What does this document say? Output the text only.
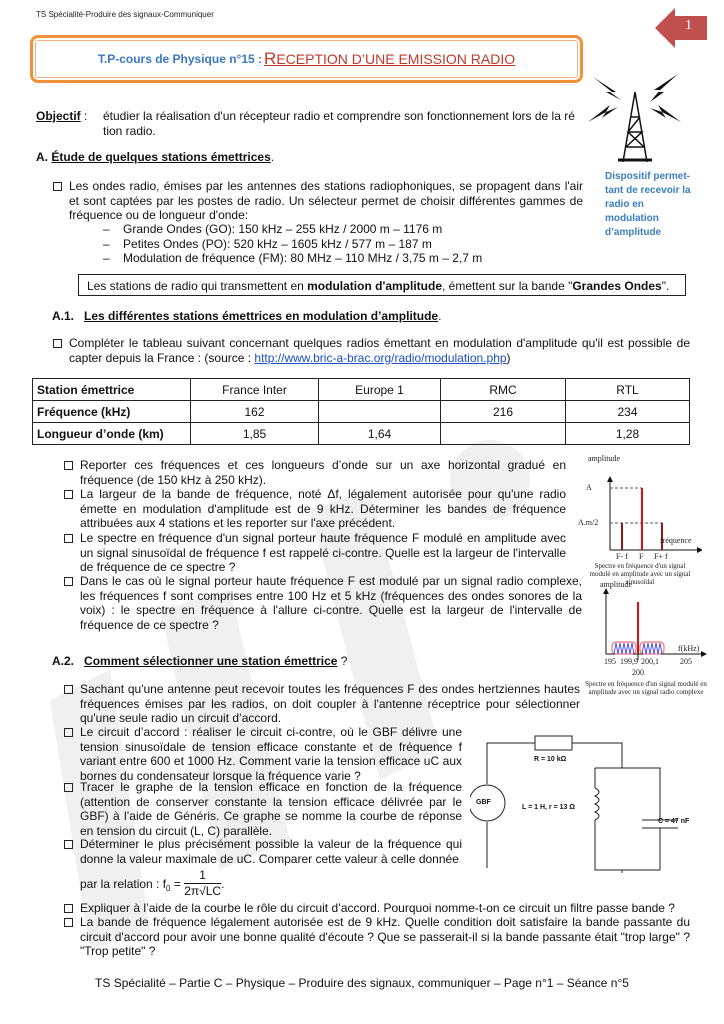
TS Spécialité-Produire des signaux-Communiquer
1
T.P-cours de Physique n°15 : RECEPTION D’UNE EMISSION RADIO
Objectif : étudier la réalisation d'un récepteur radio et comprendre son fonctionnement lors de la ré
tion radio.
A. Étude de quelques stations émettrices.
Les ondes radio, émises par les antennes des stations radiophoniques, se propagent dans l'air et sont captées par les postes de radio. Un sélecteur permet de choisir différentes gammes de fréquence ou de longueur d'onde:
–    Grande Ondes (GO): 150 kHz – 255 kHz / 2000 m – 1176 m
–    Petites Ondes (PO): 520 kHz – 1605 kHz / 577 m – 187 m
–    Modulation de fréquence (FM): 80 MHz – 110 MHz / 3,75 m – 2,7 m
Dispositif permet-tant de recevoir la radio en modulation d’amplitude
Les stations de radio qui transmettent en modulation d'amplitude, émettent sur la bande "Grandes Ondes".
A.1. Les différentes stations émettrices en modulation d’amplitude.
Compléter le tableau suivant concernant quelques radios émettant en modulation d'amplitude qu'il est possible de capter depuis la France : (source : http://www.bric-a-brac.org/radio/modulation.php)
Station émettrice	France Inter	Europe 1	RMC	RTL
Fréquence (kHz)	162		216	234
Longueur d’onde (km)	1,85	1,64		1,28
Reporter ces fréquences et ces longueurs d’onde sur un axe horizontal gradué en fréquence (de 150 kHz à 250 kHz).
La largeur de la bande de fréquence, noté Δf, légalement autorisée pour qu'une radio émette en modulation d'amplitude est de 9 kHz. Déterminer les bandes de fréquence attribuées aux 4 stations et les reporter sur l'axe précédent.
Le spectre en fréquence d'un signal porteur haute fréquence F modulé en amplitude avec un signal sinusoïdal de fréquence f est rappelé ci-contre. Quelle est la largeur de l'intervalle de fréquence de ce spectre ?
Dans le cas où le signal porteur haute fréquence F est modulé par un signal radio complexe, les fréquences f sont comprises entre 100 Hz et 5 kHz (fréquences des ondes sonores de la voix) : le spectre en fréquence à l'allure ci-contre. Quelle est la largeur de l'intervalle de fréquence de ce spectre ?
amplitude
A
A.m/2
fréquence
F- f F F+ f
Spectre en fréquence d'un signal modulé en amplitude avec un signal sinusoïdal
amplitude
f(kHz)
195 199,9 200,1	205
200
Spectre en fréquence d'un signal modulé en amplitude avec un signal radio complexe
A.2. Comment sélectionner une station émettrice ?
Sachant qu'une antenne peut recevoir toutes les fréquences F des ondes hertziennes hautes fréquences émises par les radios, on doit coupler à l'antenne réceptrice pour sélectionner qu'une seule radio un circuit d’accord.
Le circuit d’accord : réaliser le circuit ci-contre, où le GBF délivre une tension sinusoïdale de tension efficace constante et de fréquence f variant entre 600 et 1000 Hz. Comment varie la tension efficace uC aux bornes du condensateur lorsque la fréquence varie ?
Tracer le graphe de la tension efficace en fonction de la fréquence (attention de conserver constante la tension efficace délivrée par le GBF) à l’aide de Généris. Ce graphe se nomme la courbe de réponse en tension du circuit (L, C) parallèle.
Déterminer le plus précisément possible la valeur de la fréquence qui donne la valeur maximale de uC. Comparer cette valeur à celle donnée
par la relation : $f_0 = \frac{1}{2\pi√LC}$ .
Expliquer à l’aide de la courbe le rôle du circuit d’accord. Pourquoi nomme-t-on ce circuit un filtre passe bande ?
La bande de fréquence légalement autorisée est de 9 kHz. Quelle condition doit satisfaire la bande passante du circuit d'accord pour avoir une bonne qualité d'écoute ? Que se passerait-il si la bande passante était "trop large" ? "Trop petite" ?
GBF
R = 10 kΩ
L = 1 H, r = 13 Ω
C = 47 nF
TS Spécialité – Partie C – Physique – Produire des signaux, communiquer – Page n°1 – Séance n°5
